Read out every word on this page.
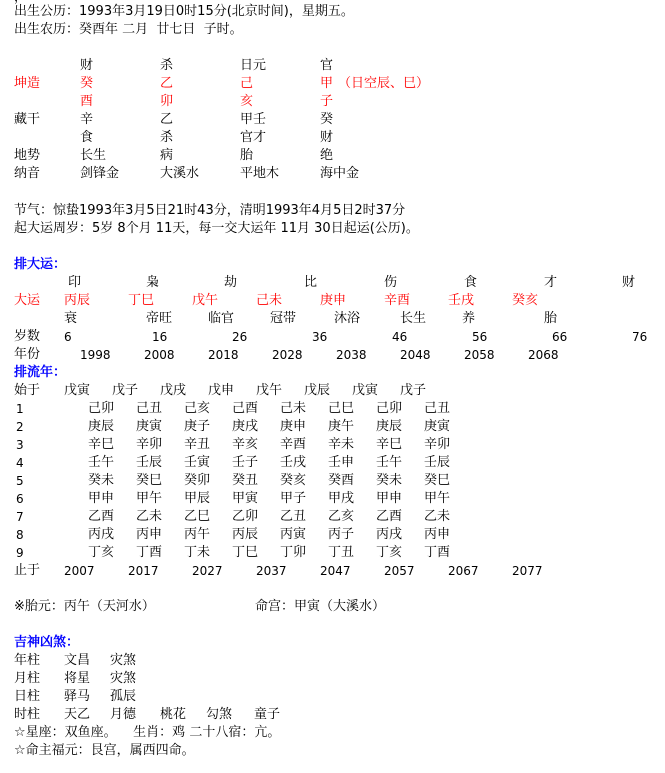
出生公历：1993年3月19日0时15分(北京时间)，星期五。
出生农历：癸酉年 二月  廿七日  子时。
财	杀	日元	官
坤造	癸	乙	己	甲 （日空辰、巳）
酉	卯	亥	子
藏干	辛	乙	甲壬	癸
食	杀	官才	财
地势	长生	病	胎	绝
纳音	剑锋金	大溪水	平地木	海中金
节气：惊蛰1993年3月5日21时43分，清明1993年4月5日2时37分
起大运周岁：5岁 8个月 11天，每一交大运年 11月 30日起运(公历)。
排大运：
印	枭	劫	比	伤	食	才	财
大运 丙辰	丁巳	戊午	己未	庚申	辛酉	壬戌	癸亥
衰	帝旺	临官	冠带	沐浴	长生	养	胎
岁数 6	16	26	36	46	56	66	76
年份	1998	2008	2018	2028	2038	2048	2058	2068
排流年：
始于 戊寅 戊子 戊戌 戊申 戊午 戊辰 戊寅 戊子
1	己卯 己丑 己亥 己酉 己未 己巳 己卯 己丑
2	庚辰 庚寅 庚子 庚戌 庚申 庚午 庚辰 庚寅
3	辛巳 辛卯 辛丑 辛亥 辛酉 辛未 辛巳 辛卯
4	壬午 壬辰 壬寅 壬子 壬戌 壬申 壬午 壬辰
5	癸未 癸巳 癸卯 癸丑 癸亥 癸酉 癸未 癸巳
6	甲申 甲午 甲辰 甲寅 甲子 甲戌 甲申 甲午
7	乙酉 乙未 乙巳 乙卯 乙丑 乙亥 乙酉 乙未
8	丙戌 丙申 丙午 丙辰 丙寅 丙子 丙戌 丙申
9	丁亥 丁酉 丁未 丁巳 丁卯 丁丑 丁亥 丁酉
止于 2007	2017	2027	2037	2047	2057	2067	2077
※胎元：丙午（天河水）	命宫：甲寅（大溪水）
吉神凶煞：
年柱 文昌 灾煞
月柱 将星 灾煞
日柱 驿马 孤辰
时柱 天乙 月德 桃花 勾煞 童子
☆星座：双鱼座。    生肖：鸡 二十八宿：亢。
☆命主福元：艮宫，属西四命。
